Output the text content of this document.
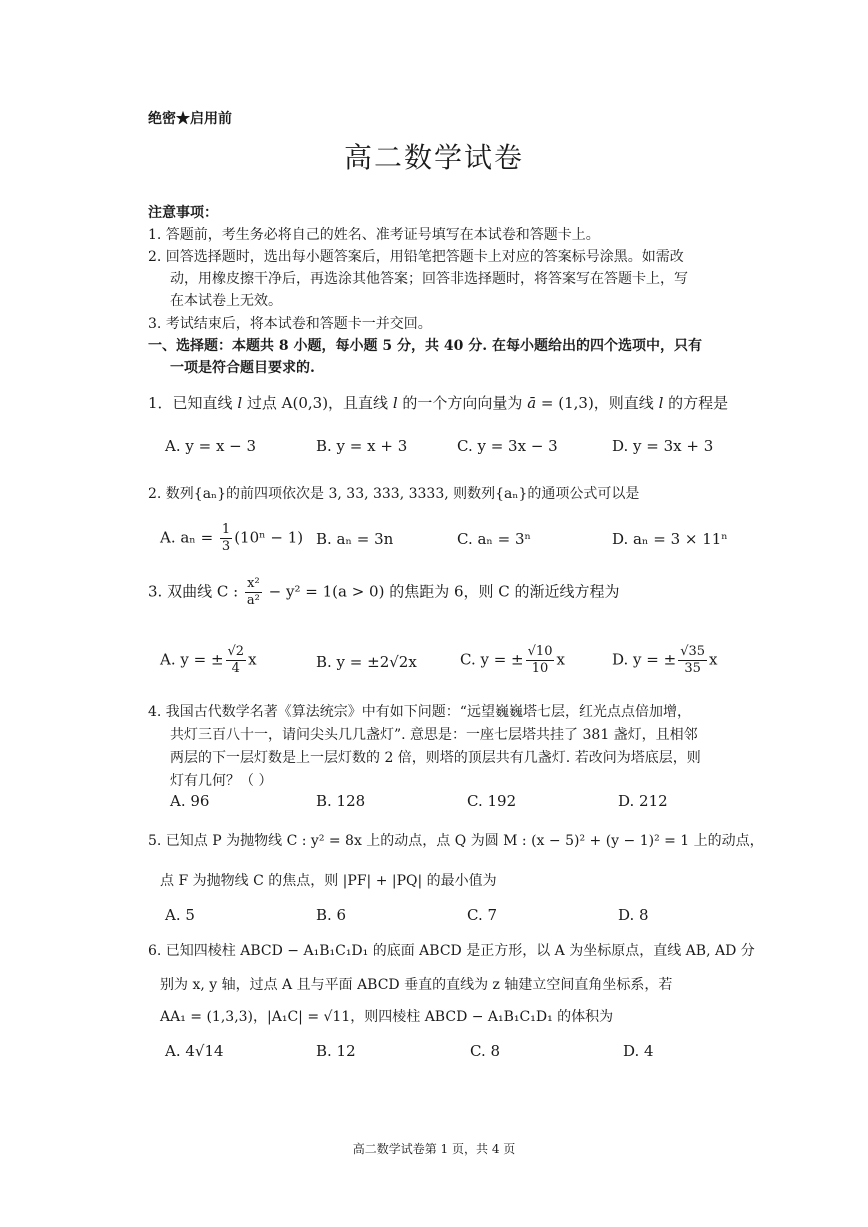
绝密★启用前
高二数学试卷
注意事项：
1. 答题前，考生务必将自己的姓名、准考证号填写在本试卷和答题卡上。
2. 回答选择题时，选出每小题答案后，用铅笔把答题卡上对应的答案标号涂黑。如需改
动，用橡皮擦干净后，再选涂其他答案；回答非选择题时，将答案写在答题卡上，写
在本试卷上无效。
3. 考试结束后，将本试卷和答题卡一并交回。
一、选择题：本题共 8 小题，每小题 5 分，共 40 分. 在每小题给出的四个选项中，只有
一项是符合题目要求的.
1．已知直线 l 过点 A(0,3)，且直线 l 的一个方向向量为 ā = (1,3)，则直线 l 的方程是
A. y = x − 3	B. y = x + 3	C. y = 3x − 3	D. y = 3x + 3
2. 数列{aₙ}的前四项依次是 3, 33, 333, 3333, 则数列{aₙ}的通项公式可以是
A. $a_n = \frac{1}{3} (10^n - 1)$ B. aₙ = 3n	C. aₙ = 3ⁿ	D. aₙ = 3 × 11ⁿ
3. 双曲线 C : $\frac{\text{x²}}{\text{a²}} - y^2 = 1(a > 0)$ 的焦距为 6，则 C 的渐近线方程为
A. y = ± $\frac{√2}{4}$ x	B. y = ±2√2x	C. y = ± $\frac{√10}{10}$ x	D. y = ± $\frac{√35}{35}$ x
4. 我国古代数学名著《算法统宗》中有如下问题：“远望巍巍塔七层，红光点点倍加增，
共灯三百八十一，请问尖头几几盏灯”. 意思是：一座七层塔共挂了 381 盏灯，且相邻
两层的下一层灯数是上一层灯数的 2 倍，则塔的顶层共有几盏灯. 若改问为塔底层，则
灯有几何？（ ）
A. 96	B. 128	C. 192	D. 212
5. 已知点 P 为抛物线 C : y² = 8x 上的动点，点 Q 为圆 M : (x − 5)² + (y − 1)² = 1 上的动点，
点 F 为抛物线 C 的焦点，则 |PF| + |PQ| 的最小值为
A. 5	B. 6	C. 7	D. 8
6. 已知四棱柱 ABCD − A₁B₁C₁D₁ 的底面 ABCD 是正方形，以 A 为坐标原点，直线 AB, AD 分
别为 x, y 轴，过点 A 且与平面 ABCD 垂直的直线为 z 轴建立空间直角坐标系，若
AA₁ = (1,3,3)，|A₁C| = √11，则四棱柱 ABCD − A₁B₁C₁D₁ 的体积为
A. 4√14	B. 12	C. 8	D. 4
高二数学试卷第 1 页，共 4 页
